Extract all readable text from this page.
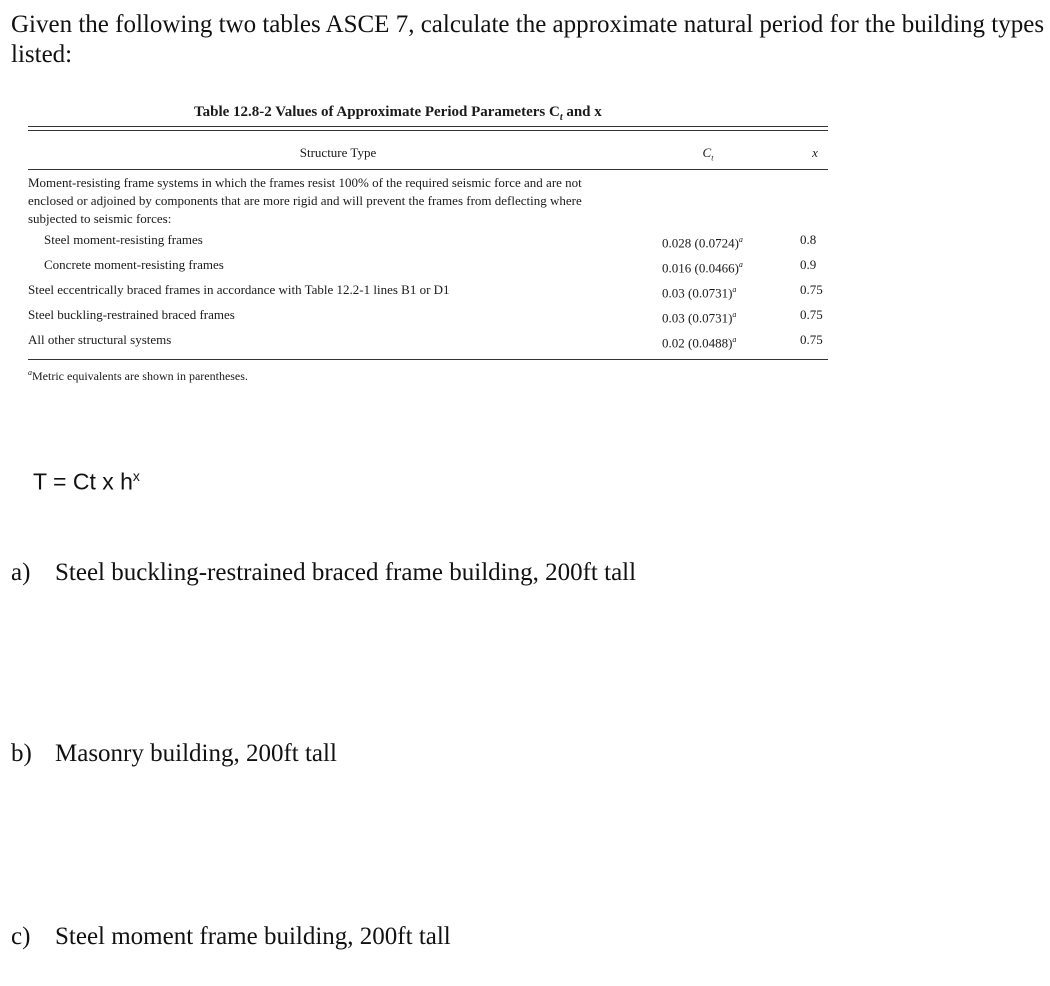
Given the following two tables ASCE 7, calculate the approximate natural period for the building types listed:
Table 12.8-2 Values of Approximate Period Parameters $C_t$ and x
Structure Type	$C_t$	x
Moment-resisting frame systems in which the frames resist 100% of the required seismic force and are not enclosed or adjoined by components that are more rigid and will prevent the frames from deflecting where subjected to seismic forces:
Steel moment-resisting frames	0.028 $(0.0724)^a$	0.8
Concrete moment-resisting frames	0.016 $(0.0466)^a$	0.9
Steel eccentrically braced frames in accordance with Table 12.2-1 lines B1 or D1	0.03 $(0.0731)^a$	0.75
Steel buckling-restrained braced frames	0.03 $(0.0731)^a$	0.75
All other structural systems	0.02 $(0.0488)^a$	0.75
$^a$Metric equivalents are shown in parentheses.
T = Ct x $h^x$
a) Steel buckling-restrained braced frame building, 200ft tall
b) Masonry building, 200ft tall
c) Steel moment frame building, 200ft tall
